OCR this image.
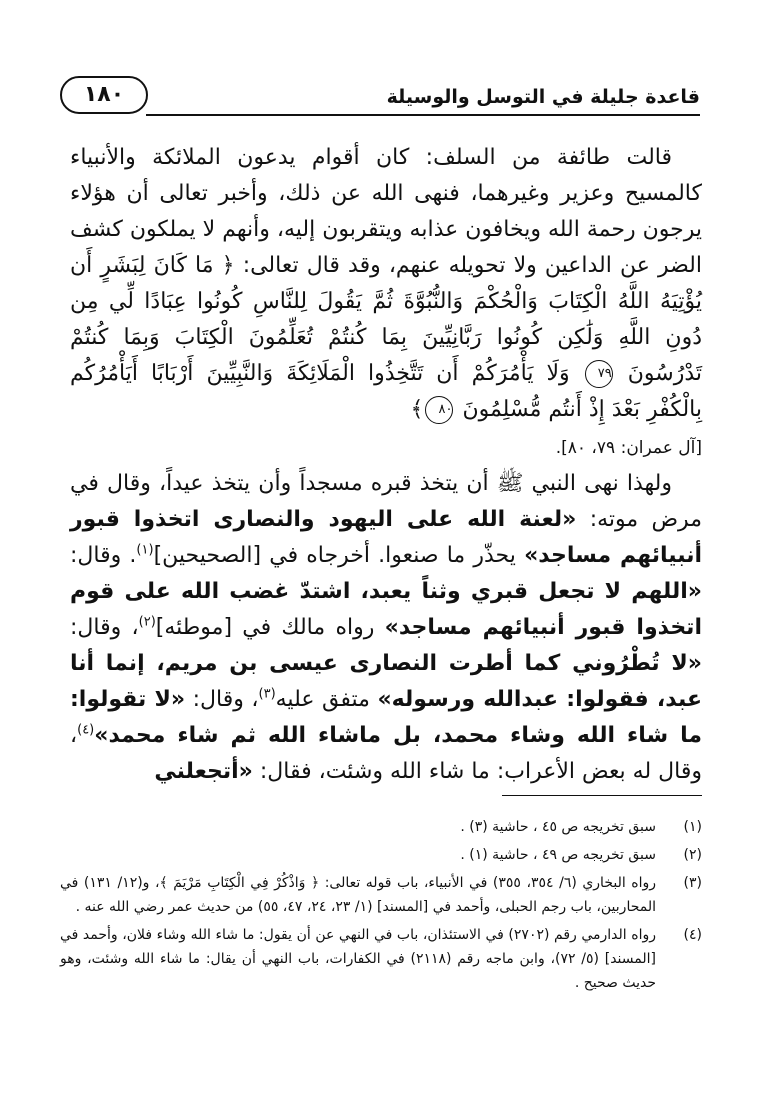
١٨٠	قاعدة جليلة في التوسل والوسيلة
قالت طائفة من السلف: كان أقوام يدعون الملائكة والأنبياء كالمسيح وعزير وغيرهما، فنهى الله عن ذلك، وأخبر تعالى أن هؤلاء يرجون رحمة الله ويخافون عذابه ويتقربون إليه، وأنهم لا يملكون كشف الضر عن الداعين ولا تحويله عنهم، وقد قال تعالى: ﴿ مَا كَانَ لِبَشَرٍ أَن يُؤْتِيَهُ اللَّهُ الْكِتَابَ وَالْحُكْمَ وَالنُّبُوَّةَ ثُمَّ يَقُولَ لِلنَّاسِ كُونُوا عِبَادًا لِّي مِن دُونِ اللَّهِ وَلَٰكِن كُونُوا رَبَّانِيِّينَ بِمَا كُنتُمْ تُعَلِّمُونَ الْكِتَابَ وَبِمَا كُنتُمْ تَدْرُسُونَ ٧٩ وَلَا يَأْمُرَكُمْ أَن تَتَّخِذُوا الْمَلَائِكَةَ وَالنَّبِيِّينَ أَرْبَابًا أَيَأْمُرُكُم بِالْكُفْرِ بَعْدَ إِذْ أَنتُم مُّسْلِمُونَ ٨٠﴾
[آل عمران: ٧٩، ٨٠].
ولهذا نهى النبي ﷺ أن يتخذ قبره مسجداً وأن يتخذ عيداً، وقال في مرض موته: «لعنة الله على اليهود والنصارى اتخذوا قبور أنبيائهم مساجد» يحذّر ما صنعوا. أخرجاه في [الصحيحين]$^{(١)}$. وقال: «اللهم لا تجعل قبري وثناً يعبد، اشتدّ غضب الله على قوم اتخذوا قبور أنبيائهم مساجد» رواه مالك في [موطئه]$^{(٢)}$، وقال: «لا تُطْرُوني كما أطرت النصارى عيسى بن مريم، إنما أنا عبد، فقولوا: عبدالله ورسوله» متفق عليه$^{(٣)}$، وقال: «لا تقولوا: ما شاء الله وشاء محمد، بل ماشاء الله ثم شاء محمد»$^{(٤)}$، وقال له بعض الأعراب: ما شاء الله وشئت، فقال: «أتجعلني
(١)
سبق تخريجه ص ٤٥ ، حاشية (٣) .
(٢)
سبق تخريجه ص ٤٩ ، حاشية (١) .
(٣)
رواه البخاري (٦/ ٣٥٤، ٣٥٥) في الأنبياء، باب قوله تعالى: ﴿ وَاذْكُرْ فِي الْكِتَابِ مَرْيَمَ ﴾، و(١٢/ ١٣١) في المحاربين، باب رجم الحبلى، وأحمد في [المسند] (١/ ٢٣، ٢٤، ٤٧، ٥٥) من حديث عمر رضي الله عنه .
(٤)
رواه الدارمي رقم (٢٧٠٢) في الاستئذان، باب في النهي عن أن يقول: ما شاء الله وشاء فلان، وأحمد في [المسند] (٥/ ٧٢)، وابن ماجه رقم (٢١١٨) في الكفارات، باب النهي أن يقال: ما شاء الله وشئت، وهو حديث صحيح .
